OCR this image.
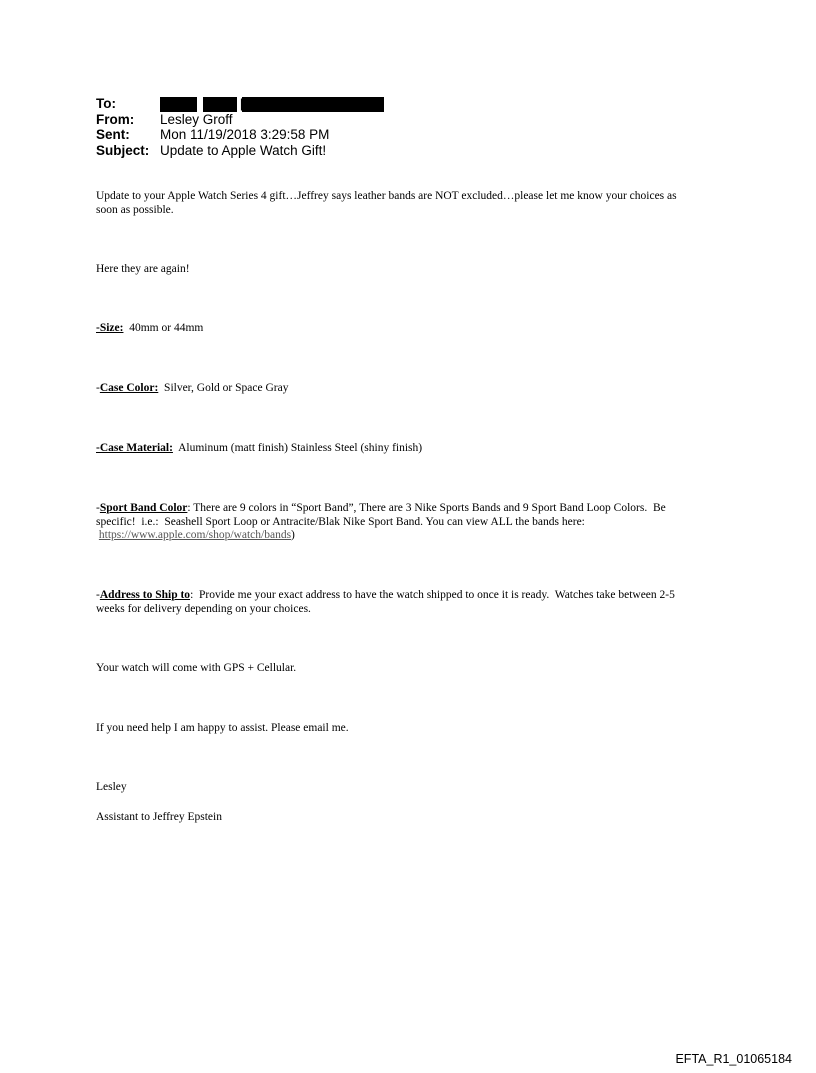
To:
From:	Lesley Groff
Sent:	Mon 11/19/2018 3:29:58 PM
Subject: Update to Apple Watch Gift!
Update to your Apple Watch Series 4 gift…Jeffrey says leather bands are NOT excluded…please let me know your choices as
soon as possible.
Here they are again!
-Size:  40mm or 44mm
-Case Color:  Silver, Gold or Space Gray
-Case Material:  Aluminum (matt finish) Stainless Steel (shiny finish)
-Sport Band Color: There are 9 colors in “Sport Band”, There are 3 Nike Sports Bands and 9 Sport Band Loop Colors.  Be
specific!  i.e.:  Seashell Sport Loop or Antracite/Blak Nike Sport Band. You can view ALL the bands here:
https://www.apple.com/shop/watch/bands)
-Address to Ship to:  Provide me your exact address to have the watch shipped to once it is ready.  Watches take between 2-5
weeks for delivery depending on your choices.
Your watch will come with GPS + Cellular.
If you need help I am happy to assist. Please email me.
Lesley
Assistant to Jeffrey Epstein
EFTA_R1_01065184
